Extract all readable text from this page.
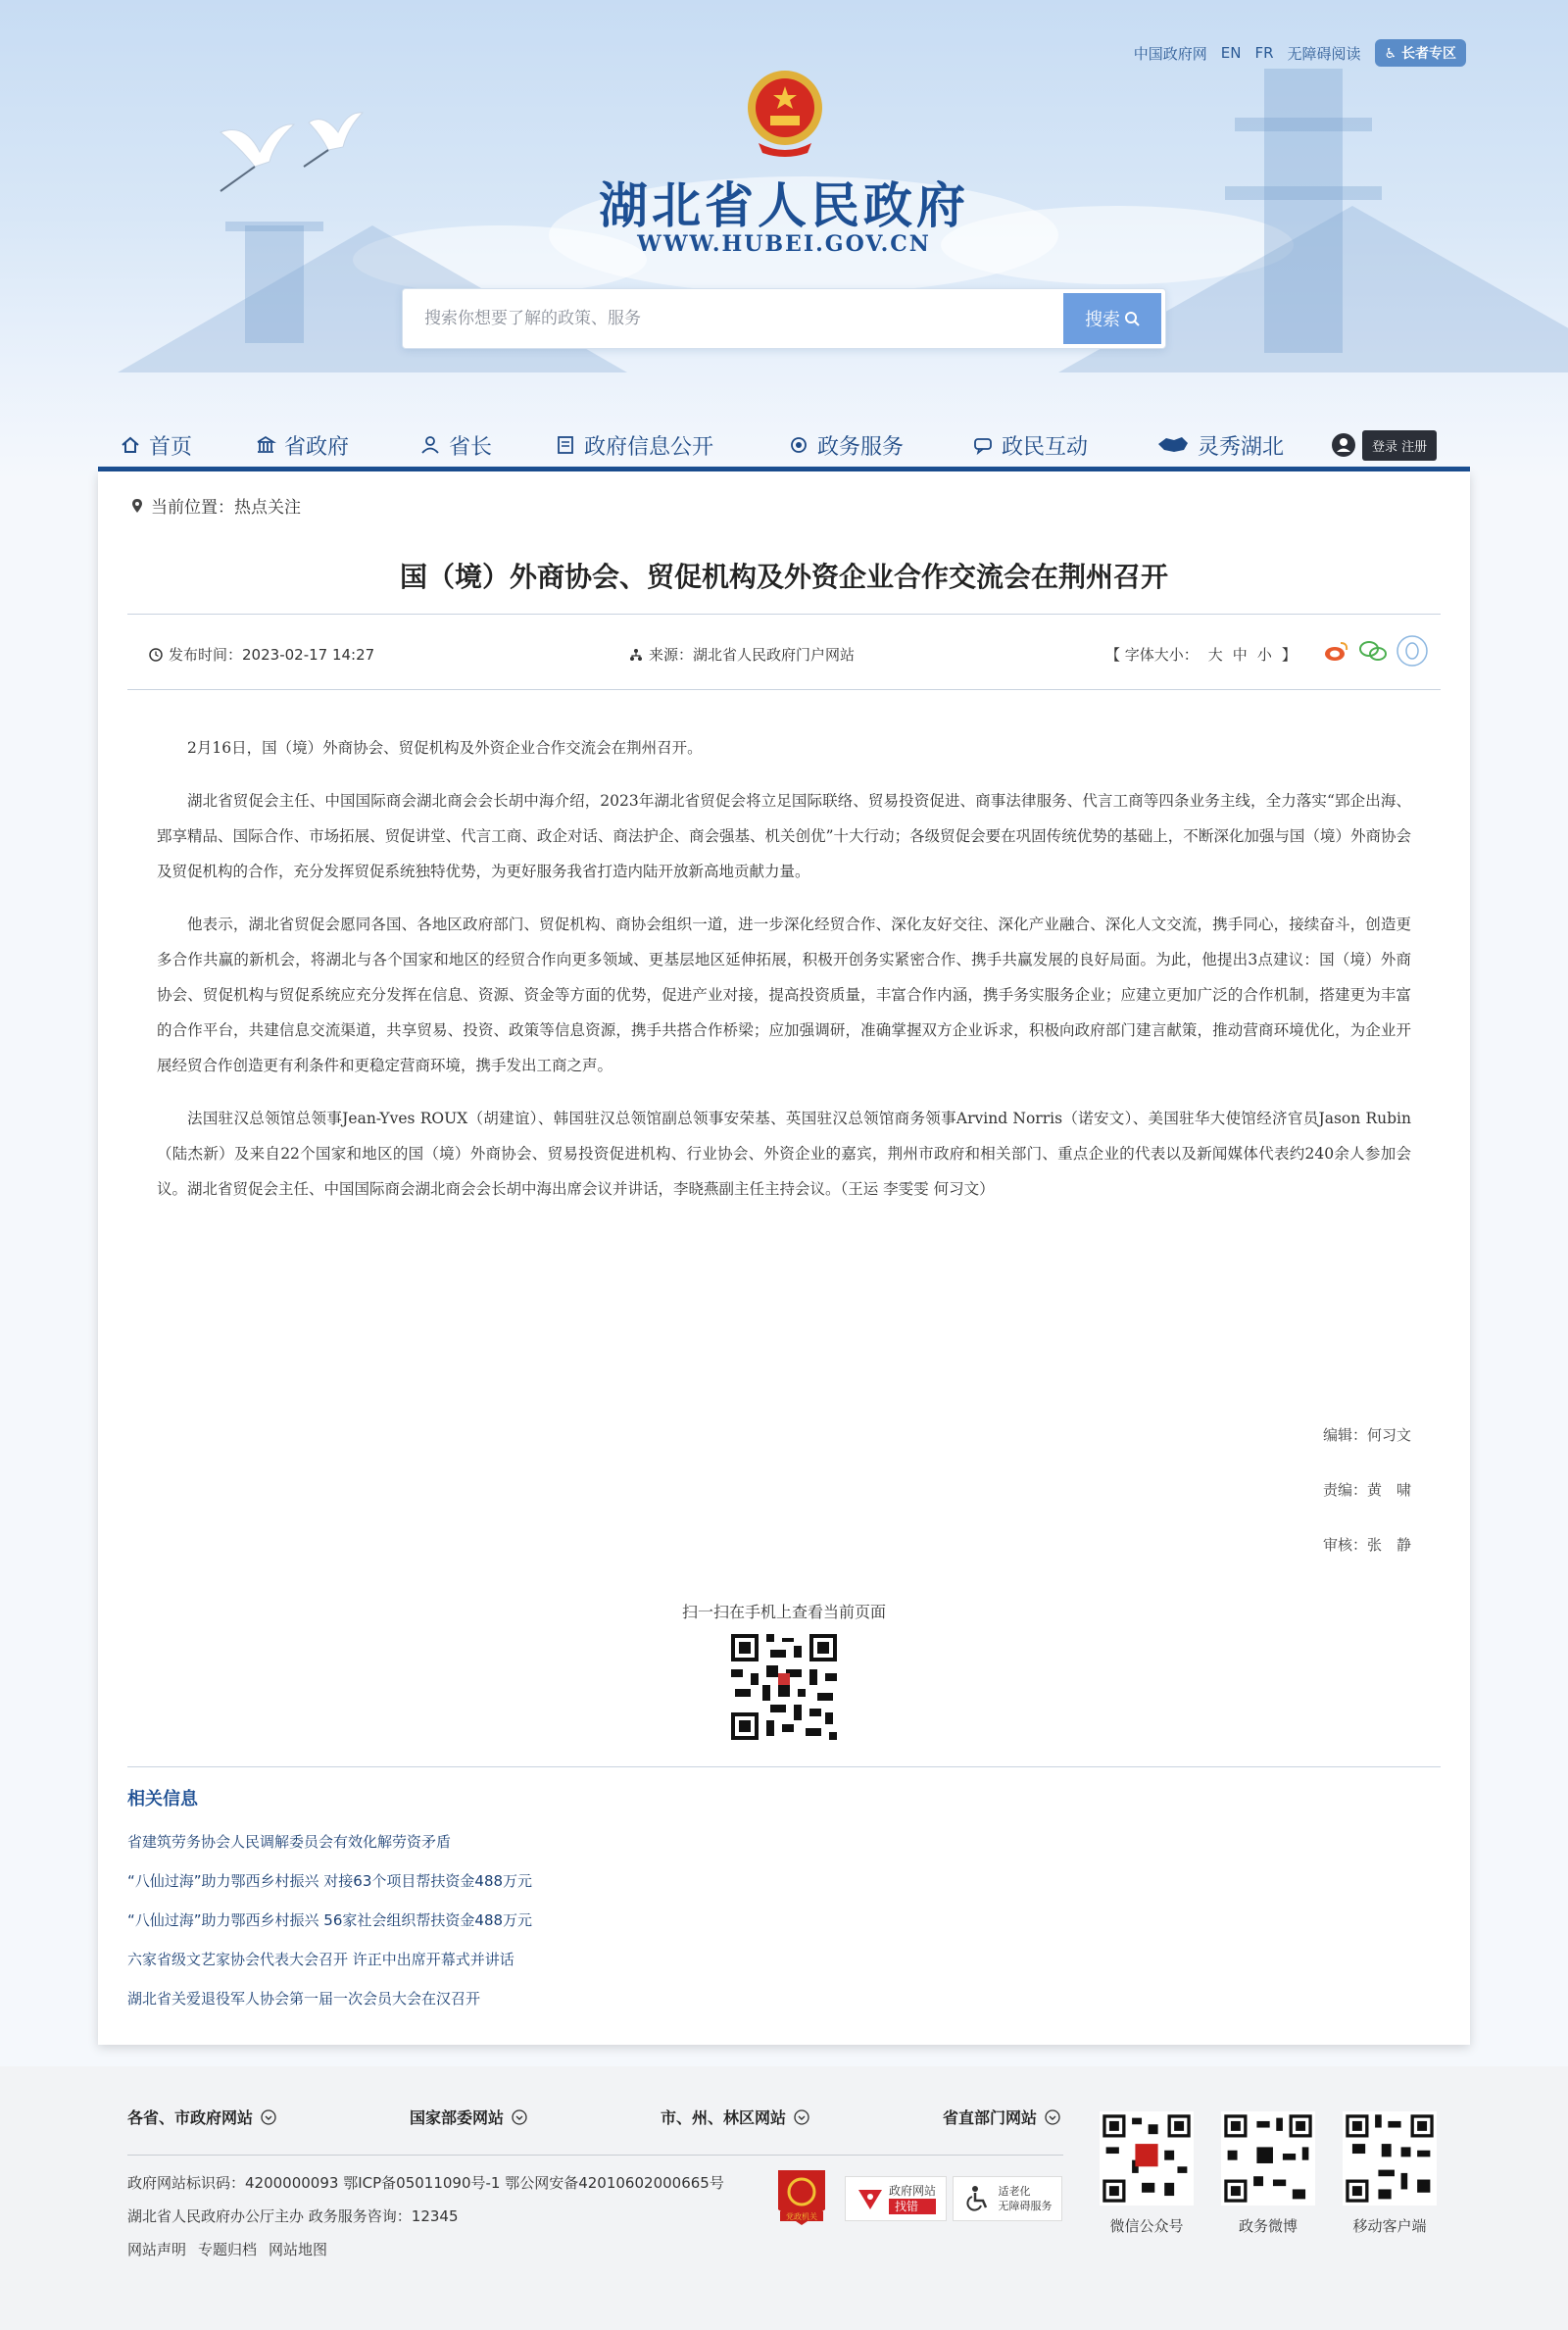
中国政府网 EN FR 无障碍阅读	♿ 长者专区
湖北省人民政府
WWW.HUBEI.GOV.CN
搜索你想要了解的政策、服务
搜索
首页	省政府	省长	政府信息公开	政务服务	政民互动	灵秀湖北	登录 注册
当前位置： 热点关注
国（境）外商协会、贸促机构及外资企业合作交流会在荆州召开
发布时间： 2023-02-17 14:27	来源： 湖北省人民政府门户网站	【 字体大小： 大 中 小 】

2月16日，国（境）外商协会、贸促机构及外资企业合作交流会在荆州召开。

湖北省贸促会主任、中国国际商会湖北商会会长胡中海介绍，2023年湖北省贸促会将立足国际联络、贸易投资促进、商事法律服务、代言工商等四条业务主线，全力落实“郢企出海、郢享精品、国际合作、市场拓展、贸促讲堂、代言工商、政企对话、商法护企、商会强基、机关创优”十大行动；各级贸促会要在巩固传统优势的基础上，不断深化加强与国（境）外商协会及贸促机构的合作，充分发挥贸促系统独特优势，为更好服务我省打造内陆开放新高地贡献力量。

他表示，湖北省贸促会愿同各国、各地区政府部门、贸促机构、商协会组织一道，进一步深化经贸合作、深化友好交往、深化产业融合、深化人文交流，携手同心，接续奋斗，创造更多合作共赢的新机会，将湖北与各个国家和地区的经贸合作向更多领域、更基层地区延伸拓展，积极开创务实紧密合作、携手共赢发展的良好局面。为此，他提出3点建议：国（境）外商协会、贸促机构与贸促系统应充分发挥在信息、资源、资金等方面的优势，促进产业对接，提高投资质量，丰富合作内涵，携手务实服务企业；应建立更加广泛的合作机制，搭建更为丰富的合作平台，共建信息交流渠道，共享贸易、投资、政策等信息资源，携手共搭合作桥梁；应加强调研，准确掌握双方企业诉求，积极向政府部门建言献策，推动营商环境优化，为企业开展经贸合作创造更有利条件和更稳定营商环境，携手发出工商之声。

法国驻汉总领馆总领事Jean-Yves ROUX（胡建谊）、韩国驻汉总领馆副总领事安荣基、英国驻汉总领馆商务领事Arvind Norris（诺安文）、美国驻华大使馆经济官员Jason Rubin（陆杰新）及来自22个国家和地区的国（境）外商协会、贸易投资促进机构、行业协会、外资企业的嘉宾，荆州市政府和相关部门、重点企业的代表以及新闻媒体代表约240余人参加会议。湖北省贸促会主任、中国国际商会湖北商会会长胡中海出席会议并讲话，李晓燕副主任主持会议。（王运 李雯雯 何习文）

编辑：何习文
责编：黄　啸
审核：张　静
扫一扫在手机上查看当前页面
相关信息
省建筑劳务协会人民调解委员会有效化解劳资矛盾
“八仙过海”助力鄂西乡村振兴 对接63个项目帮扶资金488万元
“八仙过海”助力鄂西乡村振兴 56家社会组织帮扶资金488万元
六家省级文艺家协会代表大会召开 许正中出席开幕式并讲话
湖北省关爱退役军人协会第一届一次会员大会在汉召开
各省、市政府网站	国家部委网站	市、州、林区网站	省直部门网站
政府网站标识码：4200000093 鄂ICP备05011090号-1 鄂公网安备42010602000665号
湖北省人民政府办公厅主办 政务服务咨询：12345
网站声明 专题归档 网站地图
党政机关
政府网站
找错
适老化
无障碍服务
微信公众号	政务微博	移动客户端
